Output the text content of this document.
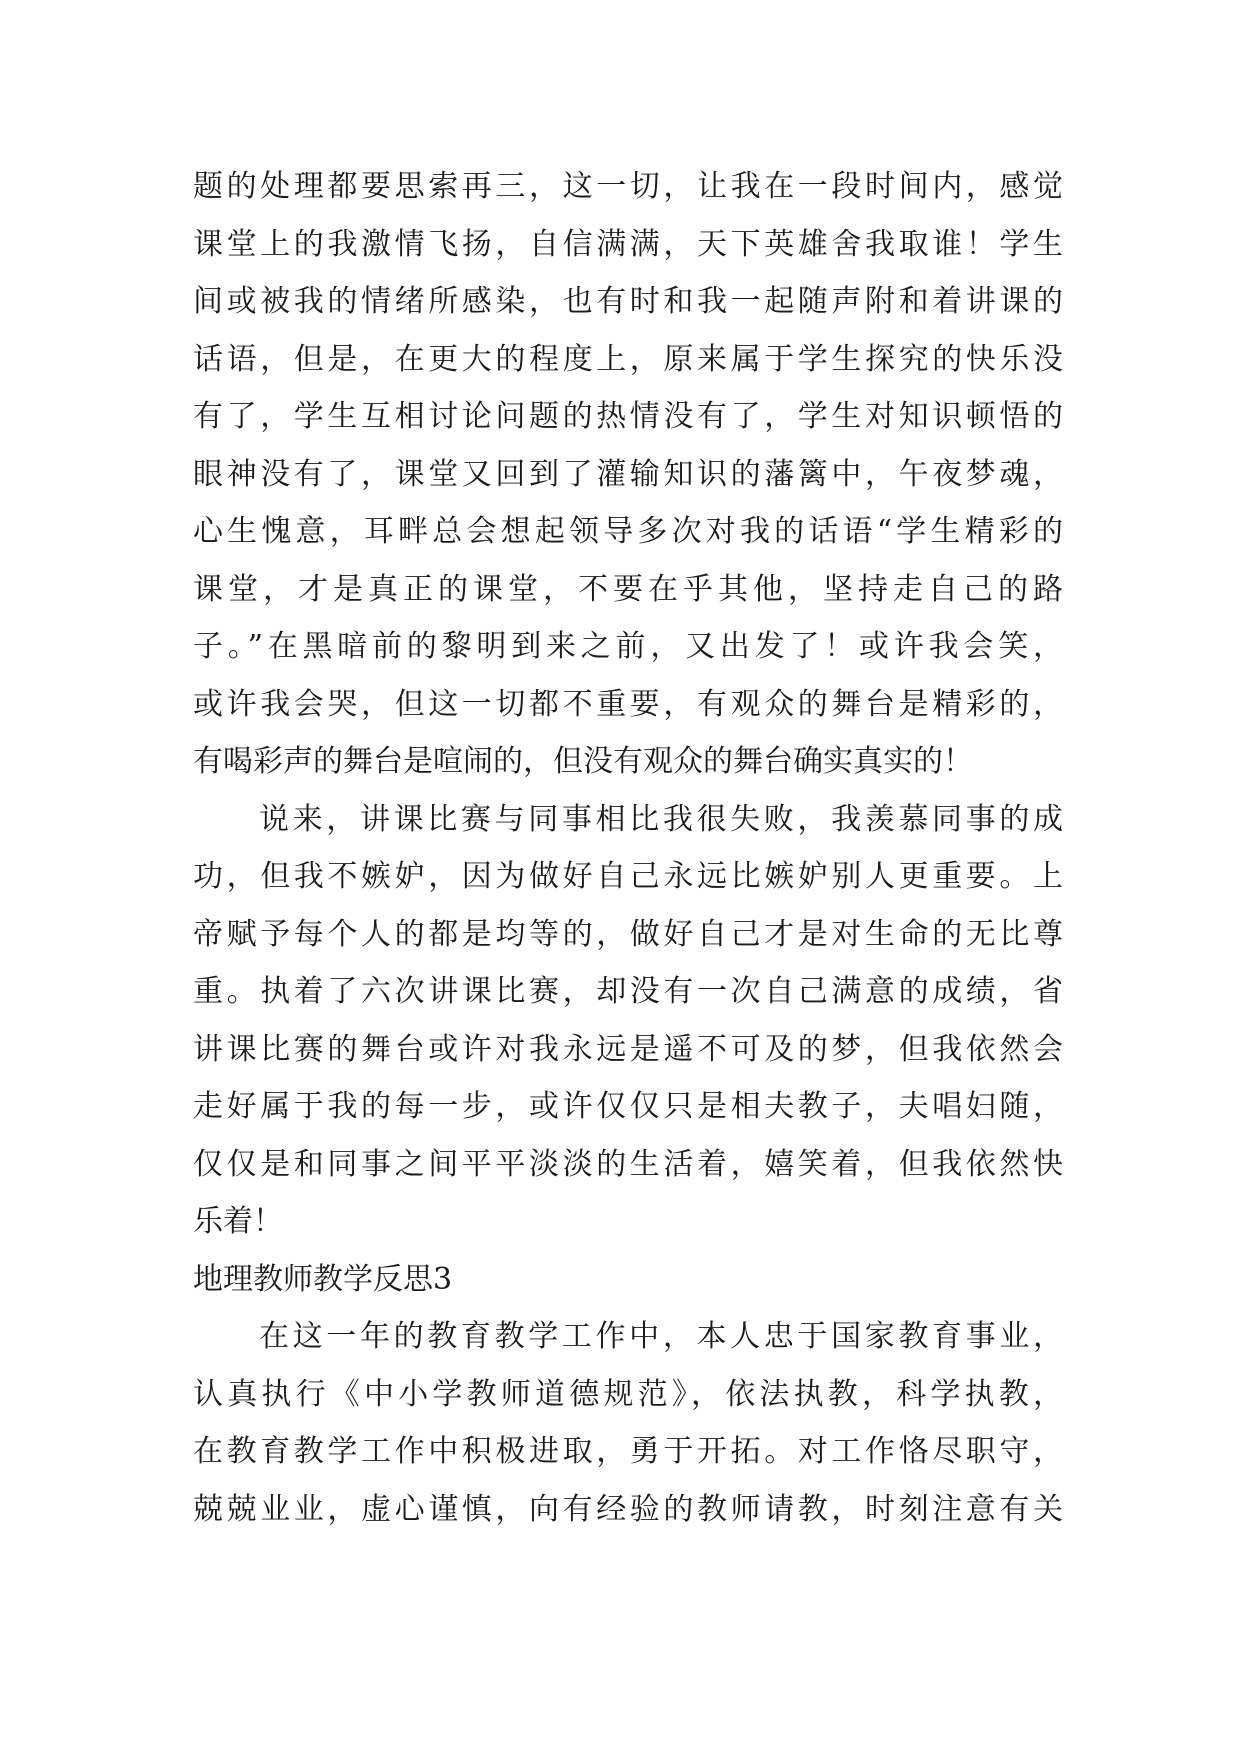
题的处理都要思索再三，这一切，让我在一段时间内，感觉
课堂上的我激情飞扬，自信满满，天下英雄舍我取谁！学生
间或被我的情绪所感染，也有时和我一起随声附和着讲课的
话语，但是，在更大的程度上，原来属于学生探究的快乐没
有了，学生互相讨论问题的热情没有了，学生对知识顿悟的
眼神没有了，课堂又回到了灌输知识的藩篱中，午夜梦魂，
心生愧意，耳畔总会想起领导多次对我的话语“学生精彩的
课堂，才是真正的课堂，不要在乎其他，坚持走自己的路
子。”在黑暗前的黎明到来之前，又出发了！或许我会笑，
或许我会哭，但这一切都不重要，有观众的舞台是精彩的，
有喝彩声的舞台是喧闹的，但没有观众的舞台确实真实的！
说来，讲课比赛与同事相比我很失败，我羡慕同事的成
功，但我不嫉妒，因为做好自己永远比嫉妒别人更重要。上
帝赋予每个人的都是均等的，做好自己才是对生命的无比尊
重。执着了六次讲课比赛，却没有一次自己满意的成绩，省
讲课比赛的舞台或许对我永远是遥不可及的梦，但我依然会
走好属于我的每一步，或许仅仅只是相夫教子，夫唱妇随，
仅仅是和同事之间平平淡淡的生活着，嬉笑着，但我依然快
乐着！
地理教师教学反思3
在这一年的教育教学工作中，本人忠于国家教育事业，
认真执行《中小学教师道德规范》，依法执教，科学执教，
在教育教学工作中积极进取，勇于开拓。对工作恪尽职守，
兢兢业业，虚心谨慎，向有经验的教师请教，时刻注意有关
